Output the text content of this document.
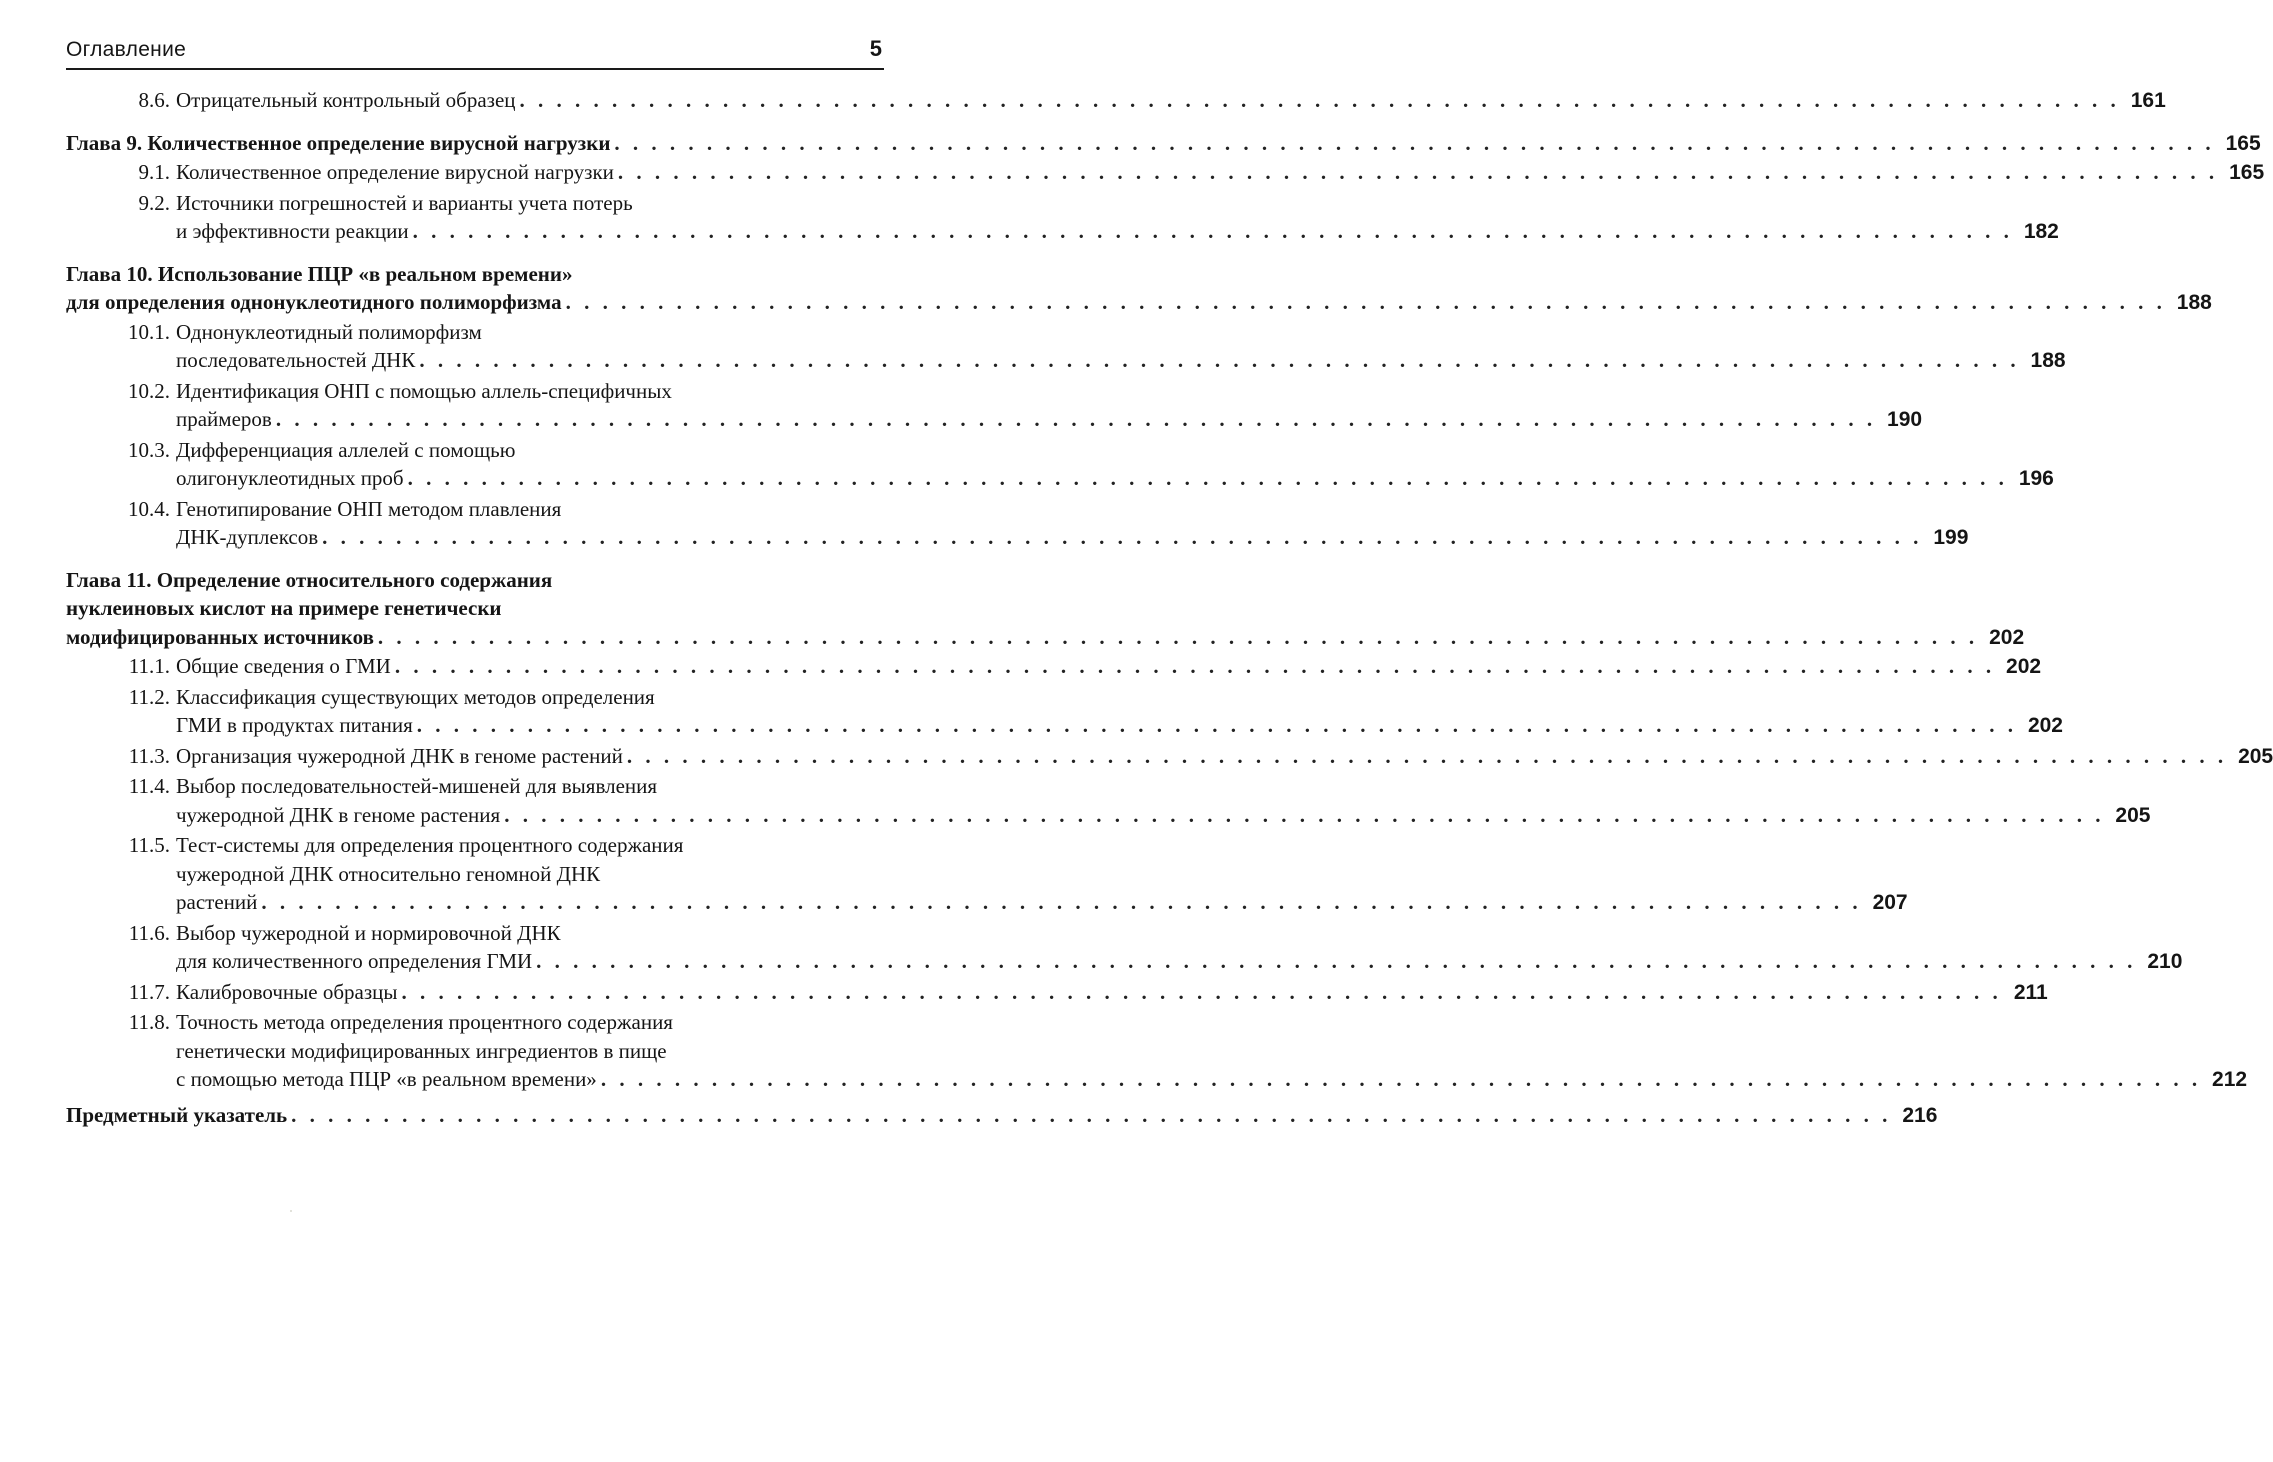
Оглавление	5
8.6. Отрицательный контрольный образец . . . . . . . . . . . . . . . . . . . . . . . . . . . . . . . . . . . . . . . . . . . . . . . . . . . . . . . . . . . . . . . . . . . . . . . . . . . . . . . . . . . . . . . 161
Глава 9. Количественное определение вирусной нагрузки . . . . . . . . . . . . . . . . . . . . . . . . . . . . . . . . . . . . . . . . . . . . . . . . . . . . . . . . . . . . . . . . . . . . . . . . . . . . . . . . . . . . . . . 165
9.1. Количественное определение вирусной нагрузки . . . . . . . . . . . . . . . . . . . . . . . . . . . . . . . . . . . . . . . . . . . . . . . . . . . . . . . . . . . . . . . . . . . . . . . . . . . . . . . . . . . . . . . 165
9.2. Источники погрешностей и варианты учета потерь
и эффективности реакции . . . . . . . . . . . . . . . . . . . . . . . . . . . . . . . . . . . . . . . . . . . . . . . . . . . . . . . . . . . . . . . . . . . . . . . . . . . . . . . . . . . . . . . 182
Глава 10. Использование ПЦР «в реальном времени»
для определения однонуклеотидного полиморфизма . . . . . . . . . . . . . . . . . . . . . . . . . . . . . . . . . . . . . . . . . . . . . . . . . . . . . . . . . . . . . . . . . . . . . . . . . . . . . . . . . . . . . . . 188
10.1. Однонуклеотидный полиморфизм
последовательностей ДНК . . . . . . . . . . . . . . . . . . . . . . . . . . . . . . . . . . . . . . . . . . . . . . . . . . . . . . . . . . . . . . . . . . . . . . . . . . . . . . . . . . . . . . . 188
10.2. Идентификация ОНП с помощью аллель-специфичных
праймеров . . . . . . . . . . . . . . . . . . . . . . . . . . . . . . . . . . . . . . . . . . . . . . . . . . . . . . . . . . . . . . . . . . . . . . . . . . . . . . . . . . . . . . . 190
10.3. Дифференциация аллелей с помощью
олигонуклеотидных проб . . . . . . . . . . . . . . . . . . . . . . . . . . . . . . . . . . . . . . . . . . . . . . . . . . . . . . . . . . . . . . . . . . . . . . . . . . . . . . . . . . . . . . . 196
10.4. Генотипирование ОНП методом плавления
ДНК-дуплексов . . . . . . . . . . . . . . . . . . . . . . . . . . . . . . . . . . . . . . . . . . . . . . . . . . . . . . . . . . . . . . . . . . . . . . . . . . . . . . . . . . . . . . . 199
Глава 11. Определение относительного содержания
нуклеиновых кислот на примере генетически
модифицированных источников . . . . . . . . . . . . . . . . . . . . . . . . . . . . . . . . . . . . . . . . . . . . . . . . . . . . . . . . . . . . . . . . . . . . . . . . . . . . . . . . . . . . . . . 202
11.1. Общие сведения о ГМИ . . . . . . . . . . . . . . . . . . . . . . . . . . . . . . . . . . . . . . . . . . . . . . . . . . . . . . . . . . . . . . . . . . . . . . . . . . . . . . . . . . . . . . . 202
11.2. Классификация существующих методов определения
ГМИ в продуктах питания . . . . . . . . . . . . . . . . . . . . . . . . . . . . . . . . . . . . . . . . . . . . . . . . . . . . . . . . . . . . . . . . . . . . . . . . . . . . . . . . . . . . . . . 202
11.3. Организация чужеродной ДНК в геноме растений . . . . . . . . . . . . . . . . . . . . . . . . . . . . . . . . . . . . . . . . . . . . . . . . . . . . . . . . . . . . . . . . . . . . . . . . . . . . . . . . . . . . . . . 205
11.4. Выбор последовательностей-мишеней для выявления
чужеродной ДНК в геноме растения . . . . . . . . . . . . . . . . . . . . . . . . . . . . . . . . . . . . . . . . . . . . . . . . . . . . . . . . . . . . . . . . . . . . . . . . . . . . . . . . . . . . . . . 205
11.5. Тест-системы для определения процентного содержания
чужеродной ДНК относительно геномной ДНК
растений . . . . . . . . . . . . . . . . . . . . . . . . . . . . . . . . . . . . . . . . . . . . . . . . . . . . . . . . . . . . . . . . . . . . . . . . . . . . . . . . . . . . . . . 207
11.6. Выбор чужеродной и нормировочной ДНК
для количественного определения ГМИ . . . . . . . . . . . . . . . . . . . . . . . . . . . . . . . . . . . . . . . . . . . . . . . . . . . . . . . . . . . . . . . . . . . . . . . . . . . . . . . . . . . . . . . 210
11.7. Калибровочные образцы . . . . . . . . . . . . . . . . . . . . . . . . . . . . . . . . . . . . . . . . . . . . . . . . . . . . . . . . . . . . . . . . . . . . . . . . . . . . . . . . . . . . . . . 211
11.8. Точность метода определения процентного содержания
генетически модифицированных ингредиентов в пище
с помощью метода ПЦР «в реальном времени» . . . . . . . . . . . . . . . . . . . . . . . . . . . . . . . . . . . . . . . . . . . . . . . . . . . . . . . . . . . . . . . . . . . . . . . . . . . . . . . . . . . . . . . 212
Предметный указатель . . . . . . . . . . . . . . . . . . . . . . . . . . . . . . . . . . . . . . . . . . . . . . . . . . . . . . . . . . . . . . . . . . . . . . . . . . . . . . . . . . . . . . . 216
